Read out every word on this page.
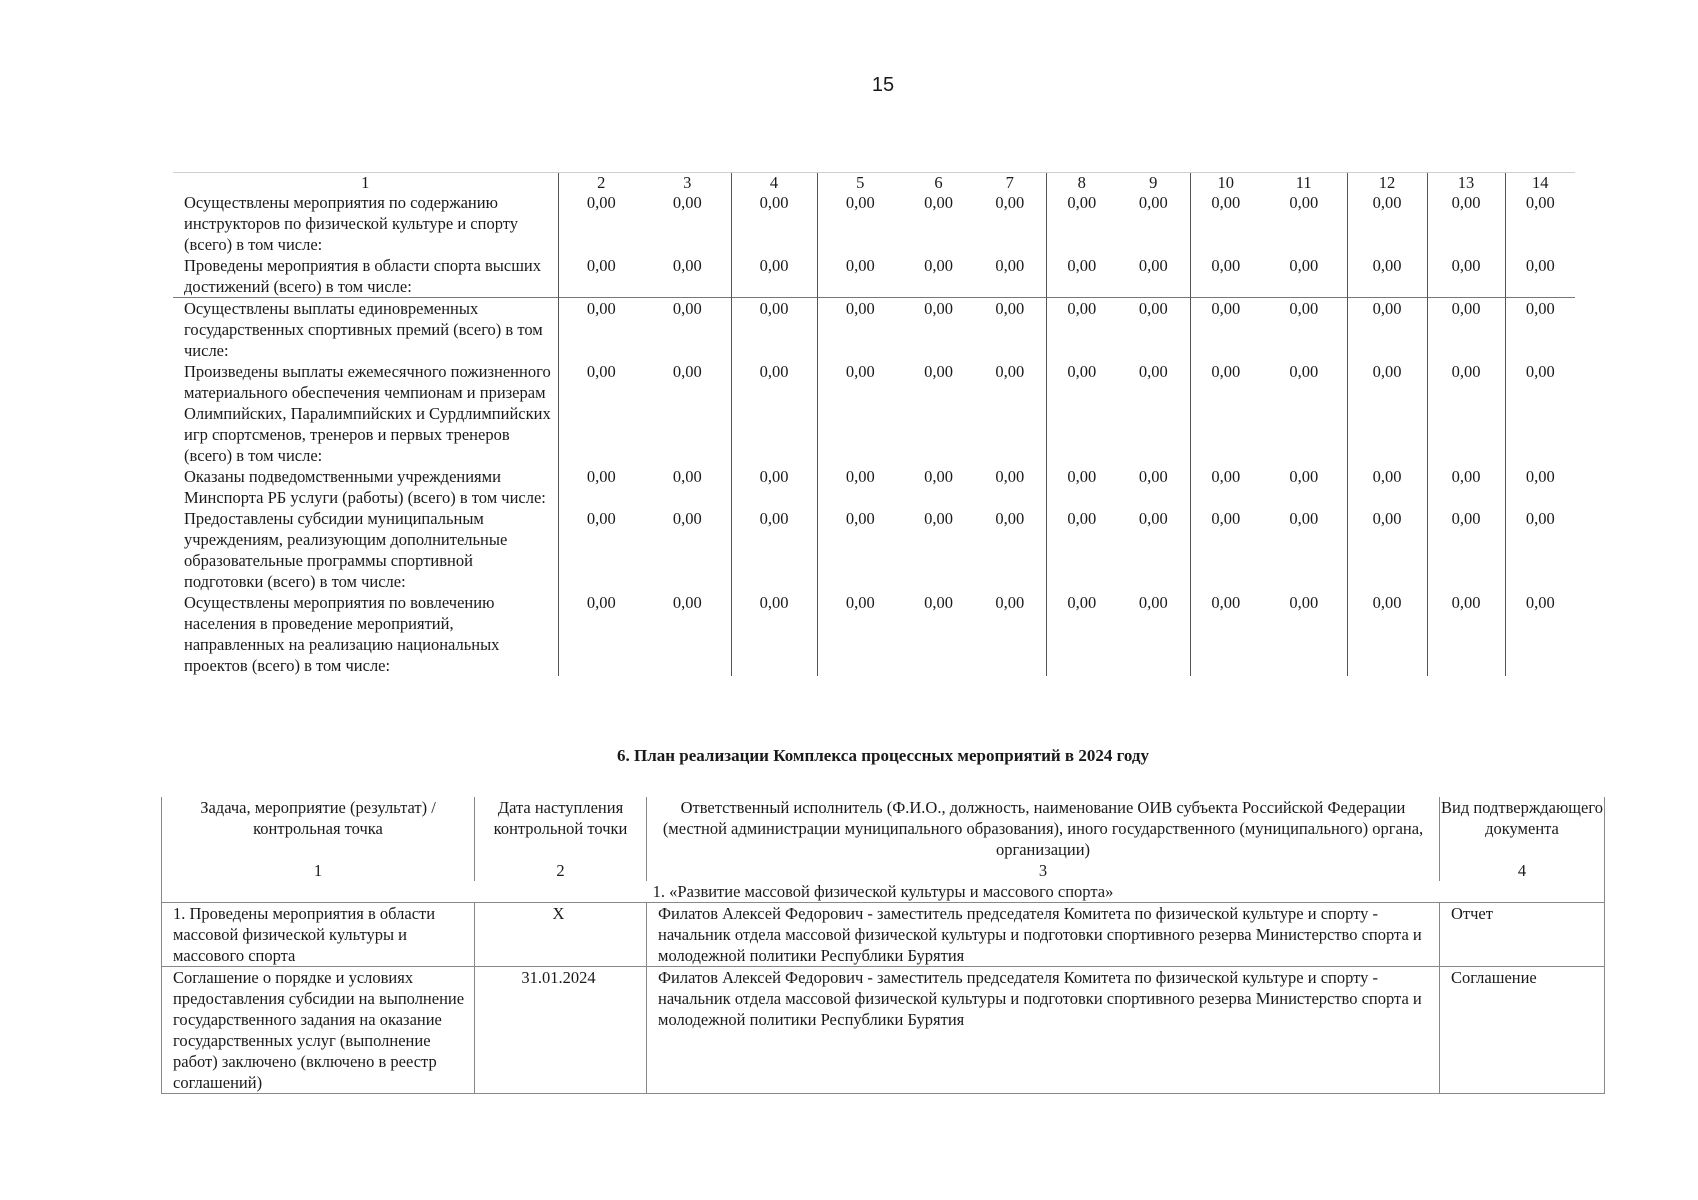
15
1	2	3	4	5	6	7	8	9	10	11	12	13	14
Осуществлены мероприятия по содержанию инструкторов по физической культуре и спорту (всего) в том числе:	0,00	0,00	0,00	0,00	0,00	0,00	0,00	0,00	0,00	0,00	0,00	0,00	0,00
Проведены мероприятия в области спорта высших достижений (всего) в том числе:	0,00	0,00	0,00	0,00	0,00	0,00	0,00	0,00	0,00	0,00	0,00	0,00	0,00
Осуществлены выплаты единовременных государственных спортивных премий (всего) в том числе:	0,00	0,00	0,00	0,00	0,00	0,00	0,00	0,00	0,00	0,00	0,00	0,00	0,00
Произведены выплаты ежемесячного пожизненного материального обеспечения чемпионам и призерам Олимпийских, Паралимпийских и Сурдлимпийских игр спортсменов, тренеров и первых тренеров (всего) в том числе:	0,00	0,00	0,00	0,00	0,00	0,00	0,00	0,00	0,00	0,00	0,00	0,00	0,00
Оказаны подведомственными учреждениями Минспорта РБ услуги (работы) (всего) в том числе:	0,00	0,00	0,00	0,00	0,00	0,00	0,00	0,00	0,00	0,00	0,00	0,00	0,00
Предоставлены субсидии муниципальным учреждениям, реализующим дополнительные образовательные программы спортивной подготовки (всего) в том числе:	0,00	0,00	0,00	0,00	0,00	0,00	0,00	0,00	0,00	0,00	0,00	0,00	0,00
Осуществлены мероприятия по вовлечению населения в проведение мероприятий, направленных на реализацию национальных проектов (всего) в том числе:	0,00	0,00	0,00	0,00	0,00	0,00	0,00	0,00	0,00	0,00	0,00	0,00	0,00
6. План реализации Комплекса процессных мероприятий в 2024 году
Задача, мероприятие (результат) / контрольная точка	Дата наступления контрольной точки	Ответственный исполнитель (Ф.И.О., должность, наименование ОИВ субъекта Российской Федерации (местной администрации муниципального образования), иного государственного (муниципального) органа, организации)	Вид подтверждающего документа
1	2	3	4
1. «Развитие массовой физической культуры и массового спорта»			
1. Проведены мероприятия в области массовой физической культуры и массового спорта	X	Филатов Алексей Федорович - заместитель председателя Комитета по физической культуре и спорту - начальник отдела массовой физической культуры и подготовки спортивного резерва Министерство спорта и молодежной политики Республики Бурятия	Отчет
Соглашение о порядке и условиях предоставления субсидии на выполнение государственного задания на оказание государственных услуг (выполнение работ) заключено (включено в реестр соглашений)	31.01.2024	Филатов Алексей Федорович - заместитель председателя Комитета по физической культуре и спорту - начальник отдела массовой физической культуры и подготовки спортивного резерва Министерство спорта и молодежной политики Республики Бурятия	Соглашение
